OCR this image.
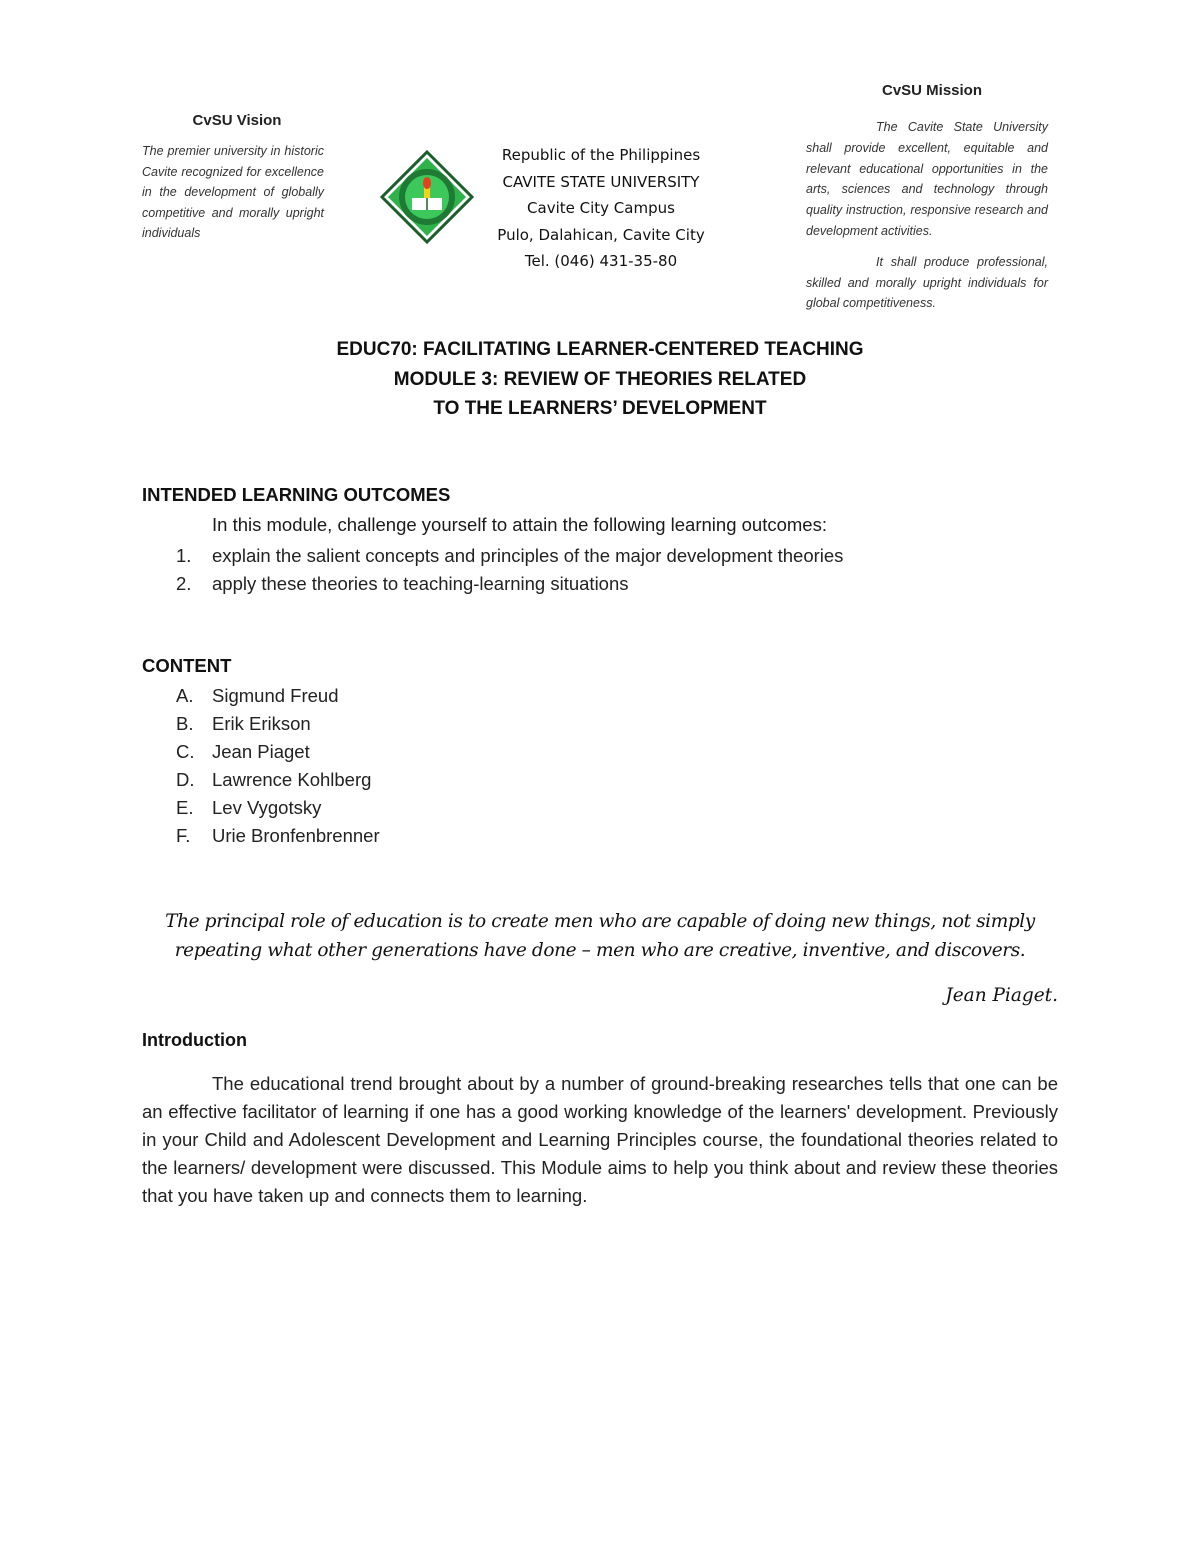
CvSU Vision
The premier university in historic Cavite recognized for excellence in the development of globally competitive and morally upright individuals
Republic of the Philippines
CAVITE STATE UNIVERSITY
Cavite City Campus
Pulo, Dalahican, Cavite City
Tel. (046) 431-35-80
CvSU Mission

The Cavite State University shall provide excellent, equitable and relevant educational opportunities in the arts, sciences and technology through quality instruction, responsive research and development activities.

It shall produce professional, skilled and morally upright individuals for global competitiveness.

EDUC70: FACILITATING LEARNER-CENTERED TEACHING
MODULE 3: REVIEW OF THEORIES RELATED
TO THE LEARNERS’ DEVELOPMENT
INTENDED LEARNING OUTCOMES
In this module, challenge yourself to attain the following learning outcomes:
1.	explain the salient concepts and principles of the major development theories
2.	apply these theories to teaching-learning situations
CONTENT
A.	Sigmund Freud
B.	Erik Erikson
C. Jean Piaget
D. Lawrence Kohlberg
E.	Lev Vygotsky
F.	Urie Bronfenbrenner
The principal role of education is to create men who are capable of doing new things, not simply repeating what other generations have done – men who are creative, inventive, and discovers.
Jean Piaget.
Introduction

The educational trend brought about by a number of ground-breaking researches tells that one can be an effective facilitator of learning if one has a good working knowledge of the learners' development. Previously in your Child and Adolescent Development and Learning Principles course, the foundational theories related to the learners/ development were discussed. This Module aims to help you think about and review these theories that you have taken up and connects them to learning.
